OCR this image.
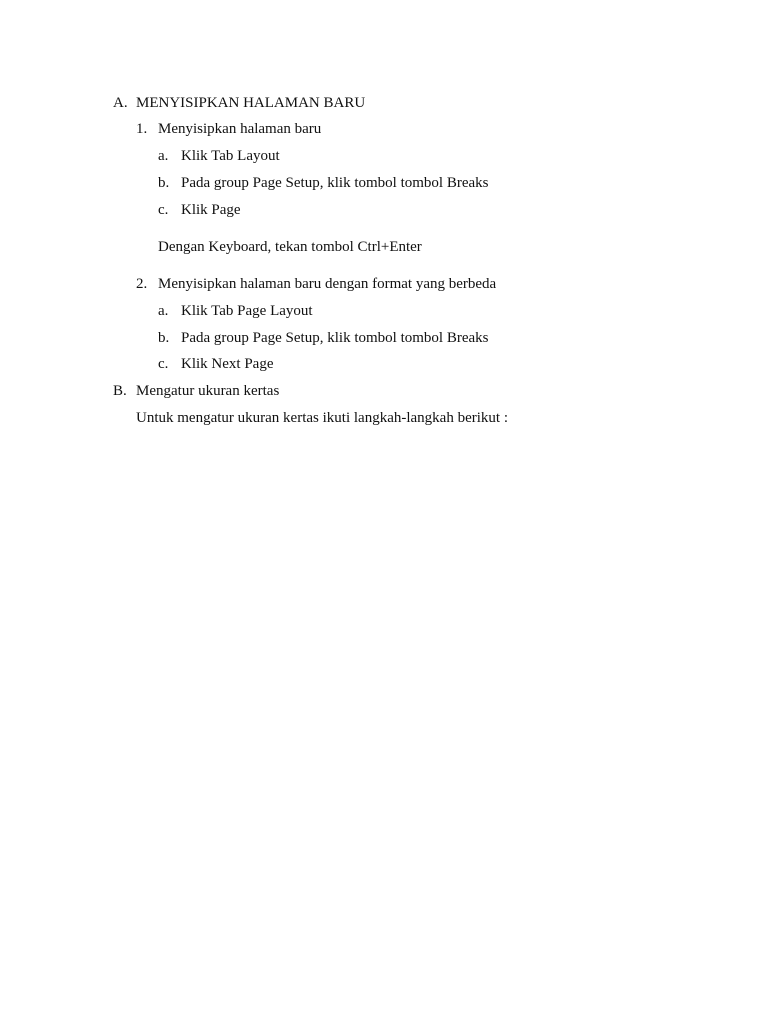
A. MENYISIPKAN HALAMAN BARU
1. Menyisipkan halaman baru
a. Klik Tab Layout
b. Pada group Page Setup, klik tombol tombol Breaks
c. Klik Page
Dengan Keyboard, tekan tombol Ctrl+Enter
2. Menyisipkan halaman baru dengan format yang berbeda
a. Klik Tab Page Layout
b. Pada group Page Setup, klik tombol tombol Breaks
c. Klik Next Page
B. Mengatur ukuran kertas
Untuk mengatur ukuran kertas ikuti langkah-langkah berikut :
